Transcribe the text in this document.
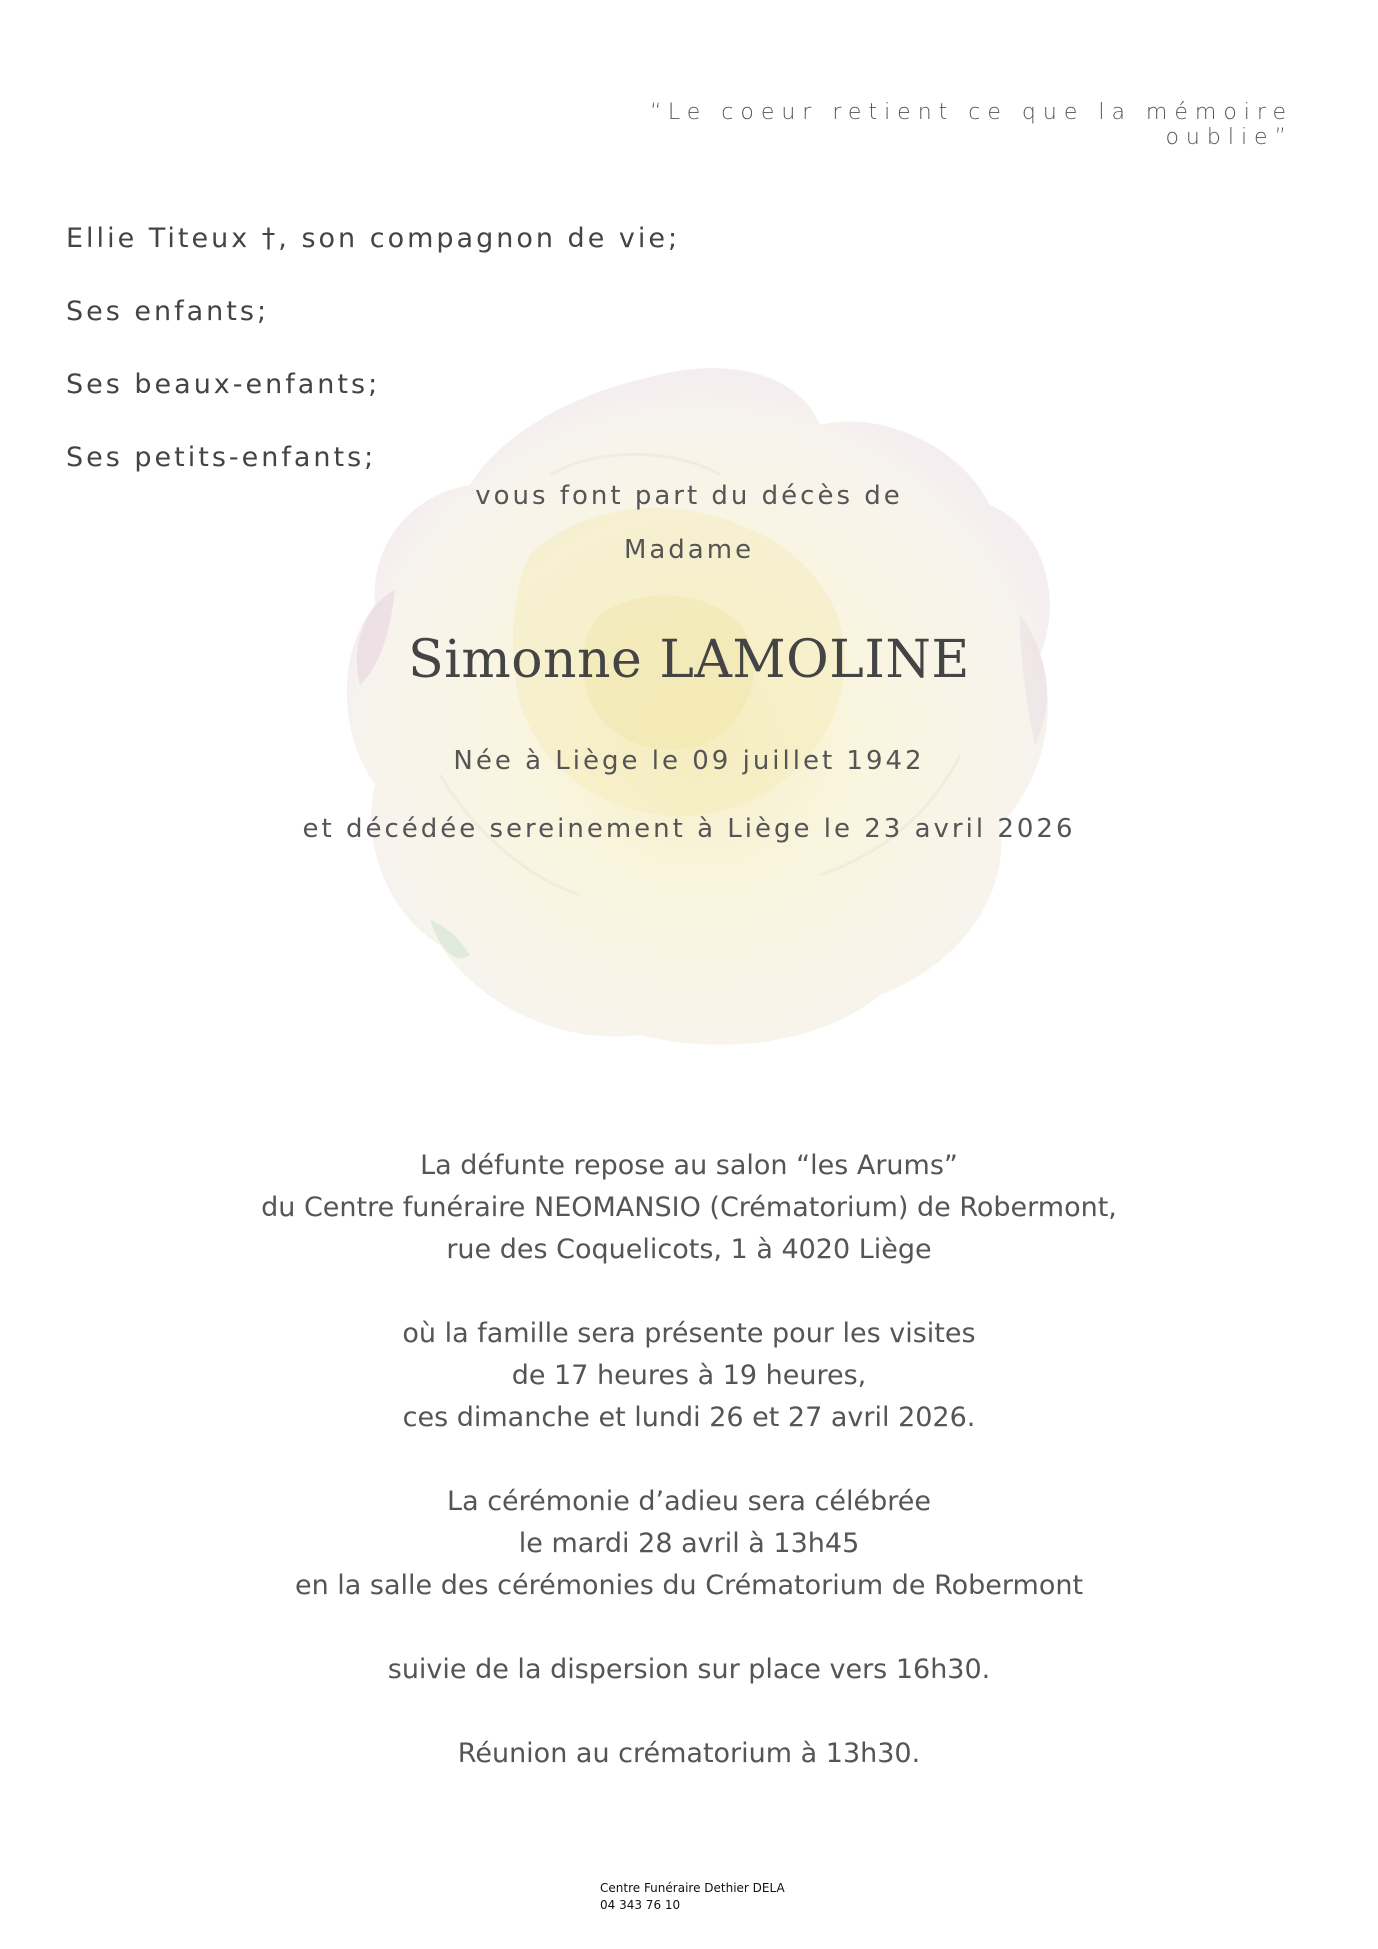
“Le coeur retient ce que la mémoire oublie”
Ellie Titeux †, son compagnon de vie;
Ses enfants;
Ses beaux-enfants;
Ses petits-enfants;
vous font part du décès de
Madame
Simonne LAMOLINE
Née à Liège le 09 juillet 1942
et décédée sereinement à Liège le 23 avril 2026
La défunte repose au salon “les Arums”
du Centre funéraire NEOMANSIO (Crématorium) de Robermont,
rue des Coquelicots, 1 à 4020 Liège
où la famille sera présente pour les visites
de 17 heures à 19 heures,
ces dimanche et lundi 26 et 27 avril 2026.
La cérémonie d’adieu sera célébrée
le mardi 28 avril à 13h45
en la salle des cérémonies du Crématorium de Robermont
suivie de la dispersion sur place vers 16h30.
Réunion au crématorium à 13h30.
Centre Funéraire Dethier DELA
04 343 76 10
